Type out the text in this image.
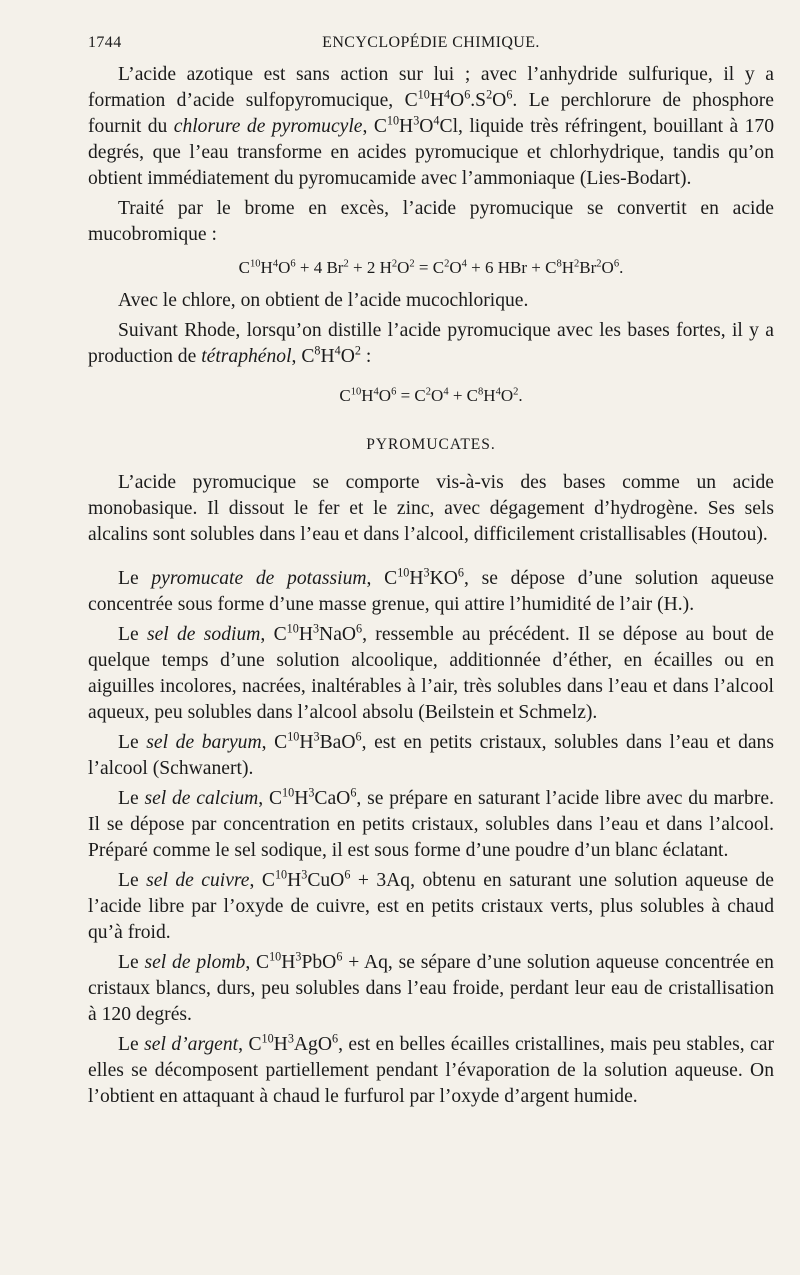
1744	ENCYCLOPÉDIE CHIMIQUE.

L’acide azotique est sans action sur lui ; avec l’anhydride sulfurique, il y a formation d’acide sulfopyromucique, $C^{10}H^4O^6.S^2O^6$. Le perchlorure de phosphore fournit du chlorure de pyromucyle, $C^{10}H^3O^4Cl$, liquide très réfringent, bouillant à 170 degrés, que l’eau transforme en acides pyromucique et chlorhydrique, tandis qu’on obtient immédiatement du pyromucamide avec l’ammoniaque (Lies-Bodart).

Traité par le brome en excès, l’acide pyromucique se convertit en acide mucobromique :

$C^{10}H^4O^6 + 4$ $Br^2 + 2$ $H^2O^2 = C^2O^4 + 6$ HBr + $C^8H^2Br^2O^6$.

Avec le chlore, on obtient de l’acide mucochlorique.

Suivant Rhode, lorsqu’on distille l’acide pyromucique avec les bases fortes, il y a production de tétraphénol, $C^8H^4O^2$ :

$C^{10}H^4O^6 = C^2O^4 + C^8H^4O^2$.
PYROMUCATES.

L’acide pyromucique se comporte vis-à-vis des bases comme un acide monobasique. Il dissout le fer et le zinc, avec dégagement d’hydrogène. Ses sels alcalins sont solubles dans l’eau et dans l’alcool, difficilement cristallisables (Houtou).

Le pyromucate de potassium, $C^{10}H^3KO^6$, se dépose d’une solution aqueuse concentrée sous forme d’une masse grenue, qui attire l’humidité de l’air (H.).

Le sel de sodium, $C^{10}H^3NaO^6$, ressemble au précédent. Il se dépose au bout de quelque temps d’une solution alcoolique, additionnée d’éther, en écailles ou en aiguilles incolores, nacrées, inaltérables à l’air, très solubles dans l’eau et dans l’alcool aqueux, peu solubles dans l’alcool absolu (Beilstein et Schmelz).

Le sel de baryum, $C^{10}H^3BaO^6$, est en petits cristaux, solubles dans l’eau et dans l’alcool (Schwanert).

Le sel de calcium, $C^{10}H^3CaO^6$, se prépare en saturant l’acide libre avec du marbre. Il se dépose par concentration en petits cristaux, solubles dans l’eau et dans l’alcool. Préparé comme le sel sodique, il est sous forme d’une poudre d’un blanc éclatant.

Le sel de cuivre, $C^{10}H^3CuO^6 + 3Aq$, obtenu en saturant une solution aqueuse de l’acide libre par l’oxyde de cuivre, est en petits cristaux verts, plus solubles à chaud qu’à froid.

Le sel de plomb, $C^{10}H^3PbO^6 + Aq$, se sépare d’une solution aqueuse concentrée en cristaux blancs, durs, peu solubles dans l’eau froide, perdant leur eau de cristallisation à 120 degrés.

Le sel d’argent, $C^{10}H^3AgO^6$, est en belles écailles cristallines, mais peu stables, car elles se décomposent partiellement pendant l’évaporation de la solution aqueuse. On l’obtient en attaquant à chaud le furfurol par l’oxyde d’argent humide.
